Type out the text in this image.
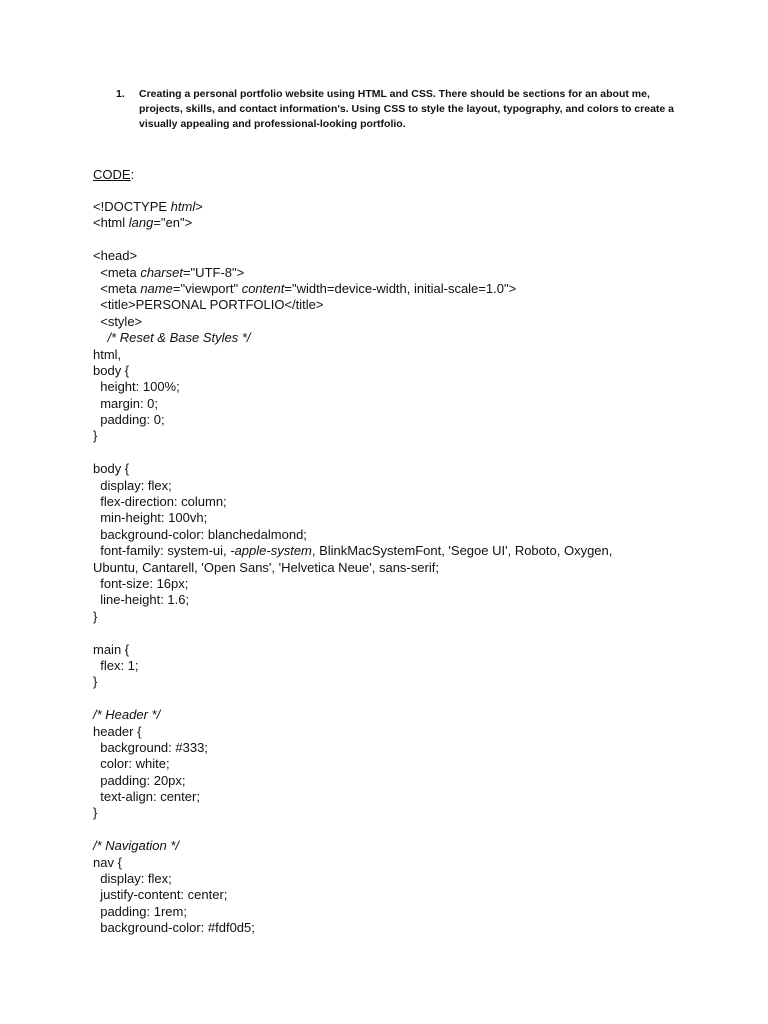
1.	Creating a personal portfolio website using HTML and CSS. There should be sections for an about me, projects, skills, and contact information's. Using CSS to style the layout, typography, and colors to create a visually appealing and professional-looking portfolio.
CODE:
<!DOCTYPE html>
<html lang="en">
<head>
<meta charset="UTF-8">
<meta name="viewport" content="width=device-width, initial-scale=1.0">
<title>PERSONAL PORTFOLIO</title>
<style>
/* Reset & Base Styles */
html,
body {
height: 100%;
margin: 0;
padding: 0;
}
body {
display: flex;
flex-direction: column;
min-height: 100vh;
background-color: blanchedalmond;
font-family: system-ui, -apple-system, BlinkMacSystemFont, 'Segoe UI', Roboto, Oxygen,
Ubuntu, Cantarell, 'Open Sans', 'Helvetica Neue', sans-serif;
font-size: 16px;
line-height: 1.6;
}
main {
flex: 1;
}
/* Header */
header {
background: #333;
color: white;
padding: 20px;
text-align: center;
}
/* Navigation */
nav {
display: flex;
justify-content: center;
padding: 1rem;
background-color: #fdf0d5;
